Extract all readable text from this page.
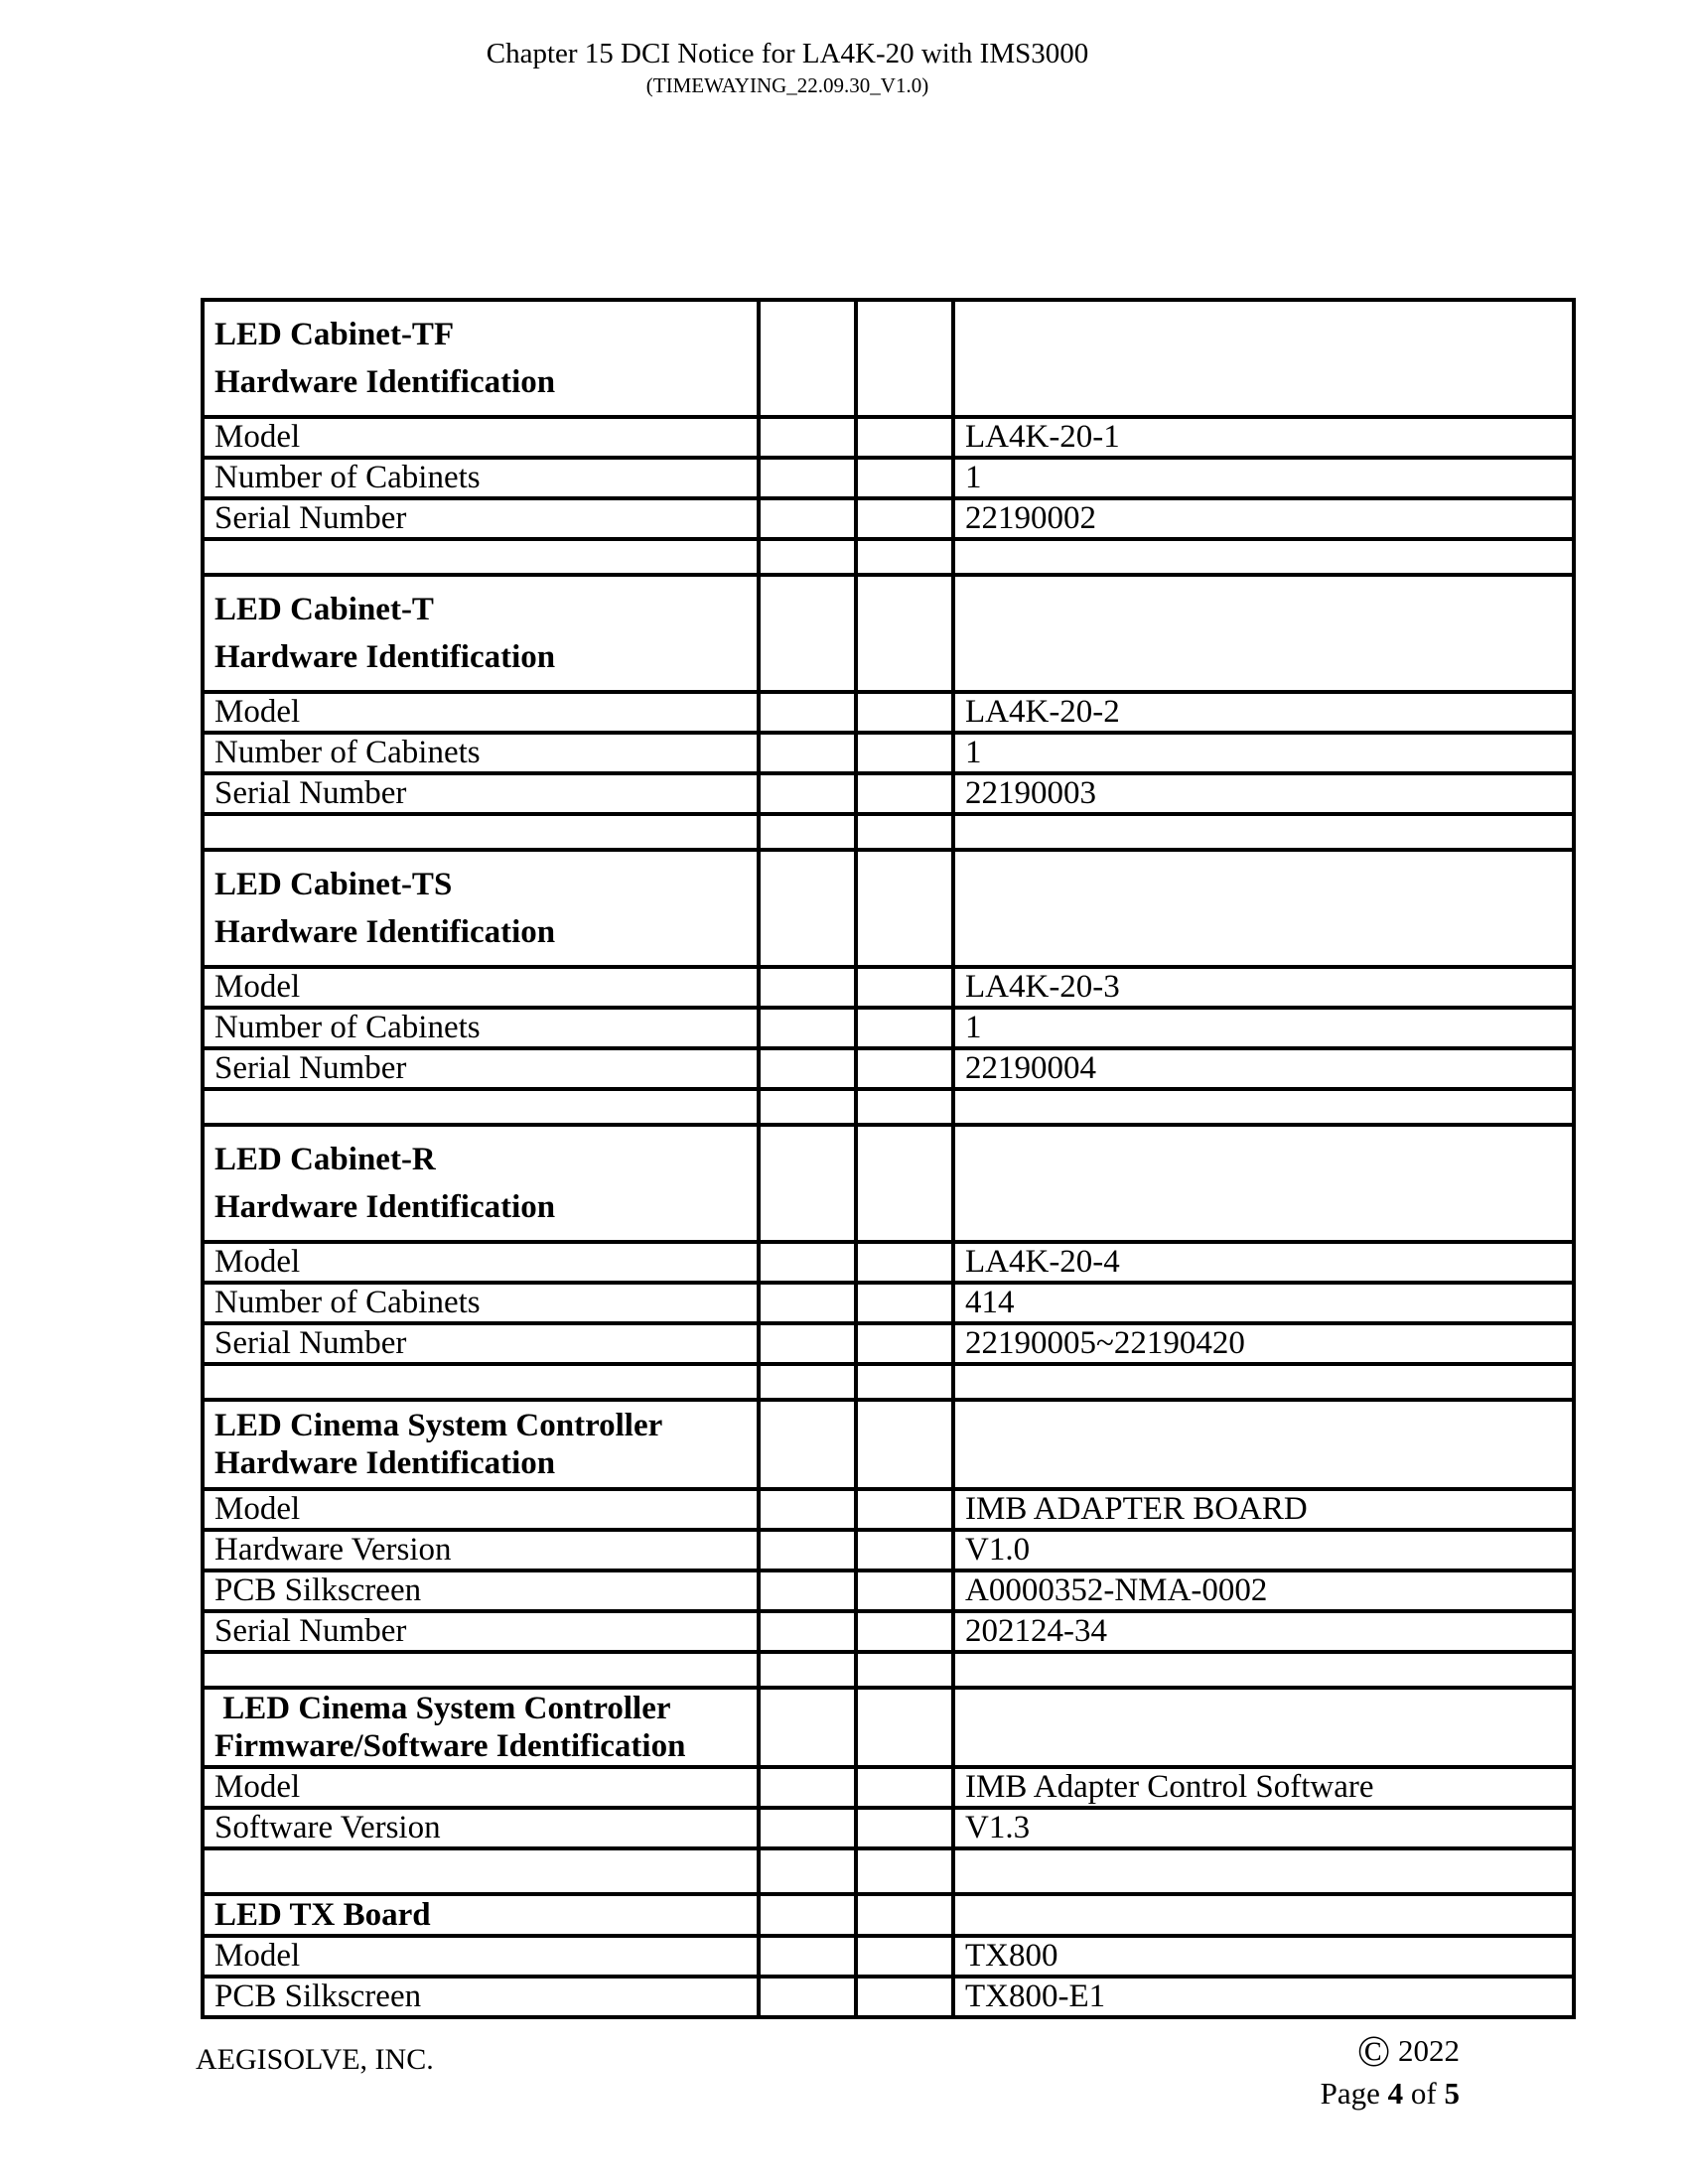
Chapter 15 DCI Notice for LA4K-20 with IMS3000
(TIMEWAYING_22.09.30_V1.0)
LED Cabinet-TF
Hardware Identification			

Model			LA4K-20-1
Number of Cabinets			1
Serial Number			22190002

LED Cabinet-T
Hardware Identification			

Model			LA4K-20-2
Number of Cabinets			1
Serial Number			22190003

LED Cabinet-TS
Hardware Identification			

Model			LA4K-20-3
Number of Cabinets			1
Serial Number			22190004

LED Cabinet-R
Hardware Identification			

Model			LA4K-20-4
Number of Cabinets			414
Serial Number			22190005~22190420

LED Cinema System Controller
Hardware Identification			

Model			IMB ADAPTER BOARD
Hardware Version			V1.0
PCB Silkscreen			A0000352-NMA-0002
Serial Number			202124-34

LED Cinema System Controller
Firmware/Software Identification			

Model			IMB Adapter Control Software
Software Version			V1.3

LED TX Board			

Model			TX800
PCB Silkscreen			TX800-E1
AEGISOLVE, INC.	© 2022
Page 4 of 5
